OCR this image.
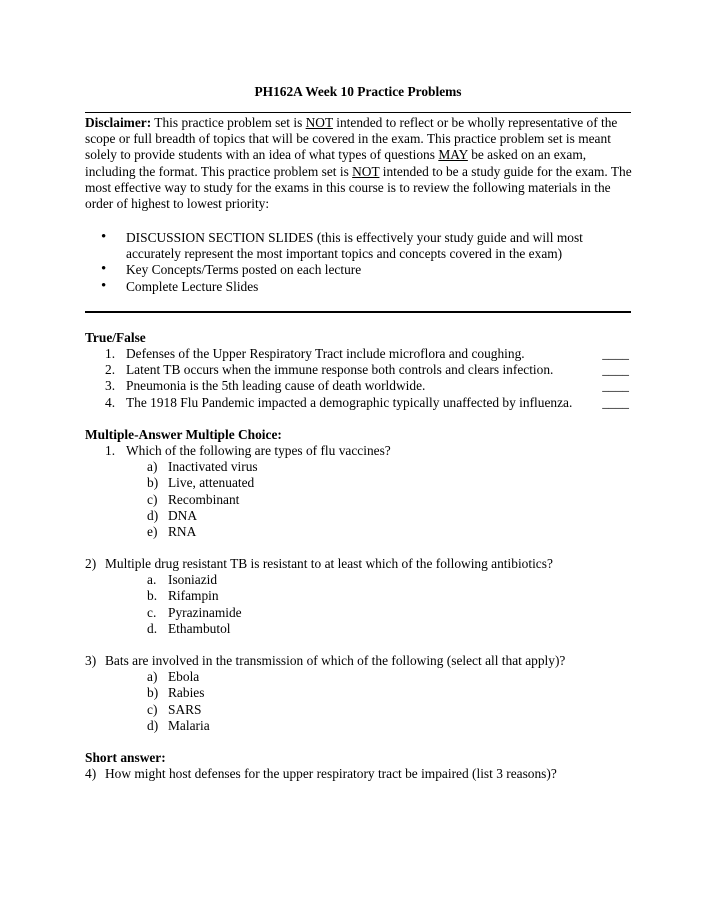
PH162A Week 10 Practice Problems
Disclaimer: This practice problem set is NOT intended to reflect or be wholly representative of the scope or full breadth of topics that will be covered in the exam. This practice problem set is meant solely to provide students with an idea of what types of questions MAY be asked on an exam, including the format. This practice problem set is NOT intended to be a study guide for the exam. The most effective way to study for the exams in this course is to review the following materials in the order of highest to lowest priority:
• DISCUSSION SECTION SLIDES (this is effectively your study guide and will most accurately represent the most important topics and concepts covered in the exam)
• Key Concepts/Terms posted on each lecture
• Complete Lecture Slides
True/False
1. Defenses of the Upper Respiratory Tract include microflora and coughing.	____
2. Latent TB occurs when the immune response both controls and clears infection.	____
3. Pneumonia is the 5th leading cause of death worldwide.	____
4. The 1918 Flu Pandemic impacted a demographic typically unaffected by influenza. ____
Multiple-Answer Multiple Choice:
1. Which of the following are types of flu vaccines?
a) Inactivated virus
b) Live, attenuated
c) Recombinant
d) DNA
e) RNA
2) Multiple drug resistant TB is resistant to at least which of the following antibiotics?
a. Isoniazid
b. Rifampin
c. Pyrazinamide
d. Ethambutol
3) Bats are involved in the transmission of which of the following (select all that apply)?
a) Ebola
b) Rabies
c) SARS
d) Malaria
Short answer:
4) How might host defenses for the upper respiratory tract be impaired (list 3 reasons)?
